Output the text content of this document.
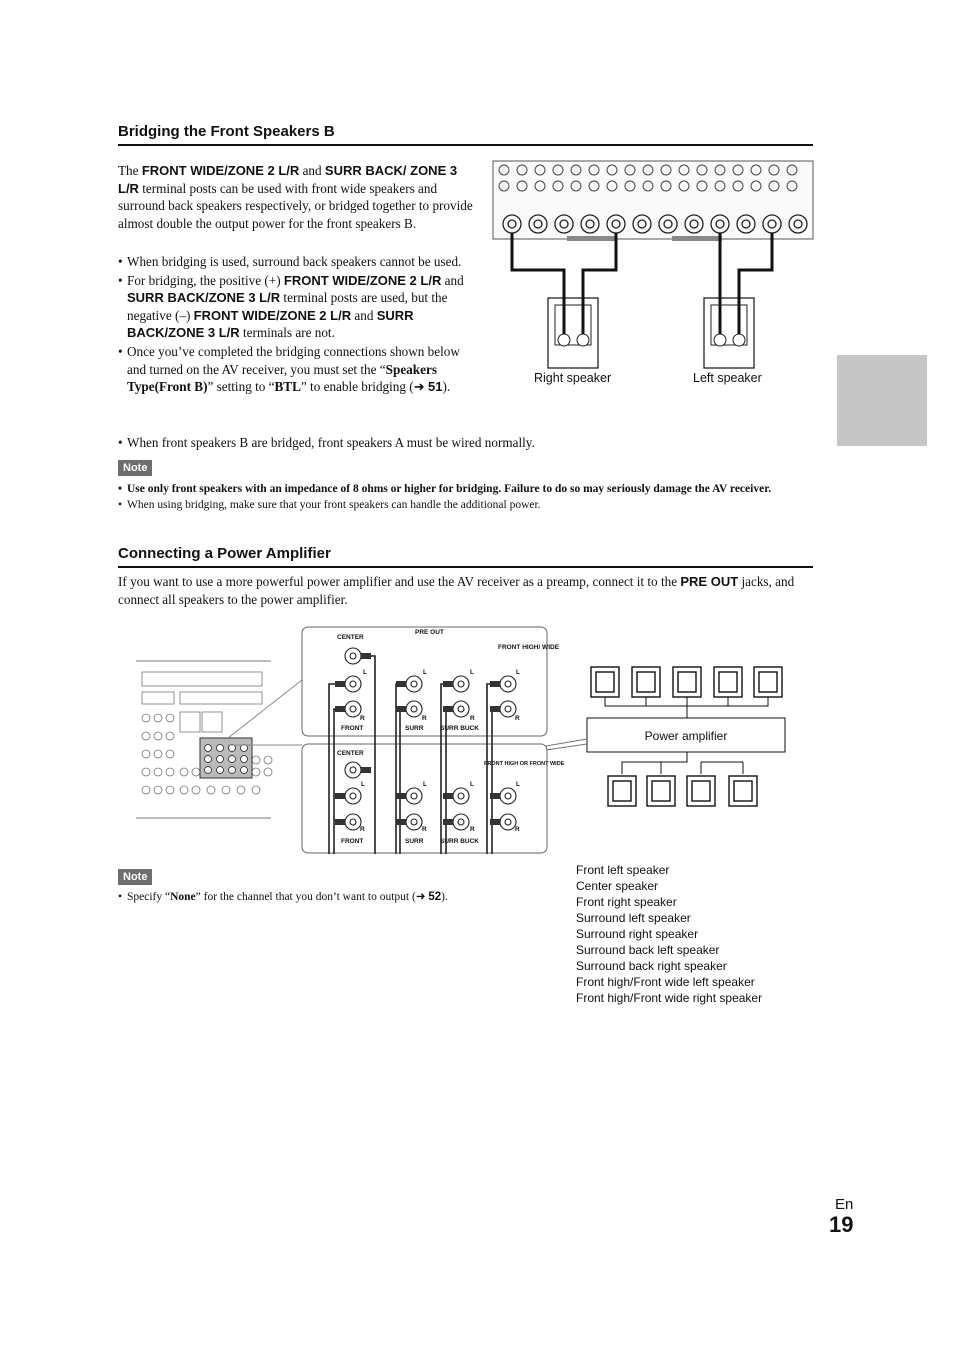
Bridging the Front Speakers B
The FRONT WIDE/ZONE 2 L/R and SURR BACK/ ZONE 3 L/R terminal posts can be used with front wide speakers and surround back speakers respectively, or bridged together to provide almost double the output power for the front speakers B.
• When bridging is used, surround back speakers cannot be used.
• For bridging, the positive (+) FRONT WIDE/ZONE 2 L/R and SURR BACK/ZONE 3 L/R terminal posts are used, but the negative (–) FRONT WIDE/ZONE 2 L/R and SURR BACK/ZONE 3 L/R terminals are not.
• Once you’ve completed the bridging connections shown below and turned on the AV receiver, you must set the “Speakers Type(Front B)” setting to “BTL” to enable bridging (➜ 51).
• When front speakers B are bridged, front speakers A must be wired normally.
Right speaker	Left speaker
Note
• Use only front speakers with an impedance of 8 ohms or higher for bridging. Failure to do so may seriously damage the AV receiver.
• When using bridging, make sure that your front speakers can handle the additional power.
Connecting a Power Amplifier
If you want to use a more powerful power amplifier and use the AV receiver as a preamp, connect it to the PRE OUT jacks, and connect all speakers to the power amplifier.
CENTER
PRE OUT
FRONT HIGH/ WIDE
FRONT	SURR	SURR BUCK
CENTER
FRONT HIGH OR FRONT WIDE
FRONT	SURR	SURR BUCK
L	L	L	L
R	R	R	R
L	L	L	L
R	R	R	R
Power amplifier
Note
• Specify “None” for the channel that you don’t want to output (➜ 52).
Front left speaker
Center speaker
Front right speaker
Surround left speaker
Surround right speaker
Surround back left speaker
Surround back right speaker
Front high/Front wide left speaker
Front high/Front wide right speaker
En
19
